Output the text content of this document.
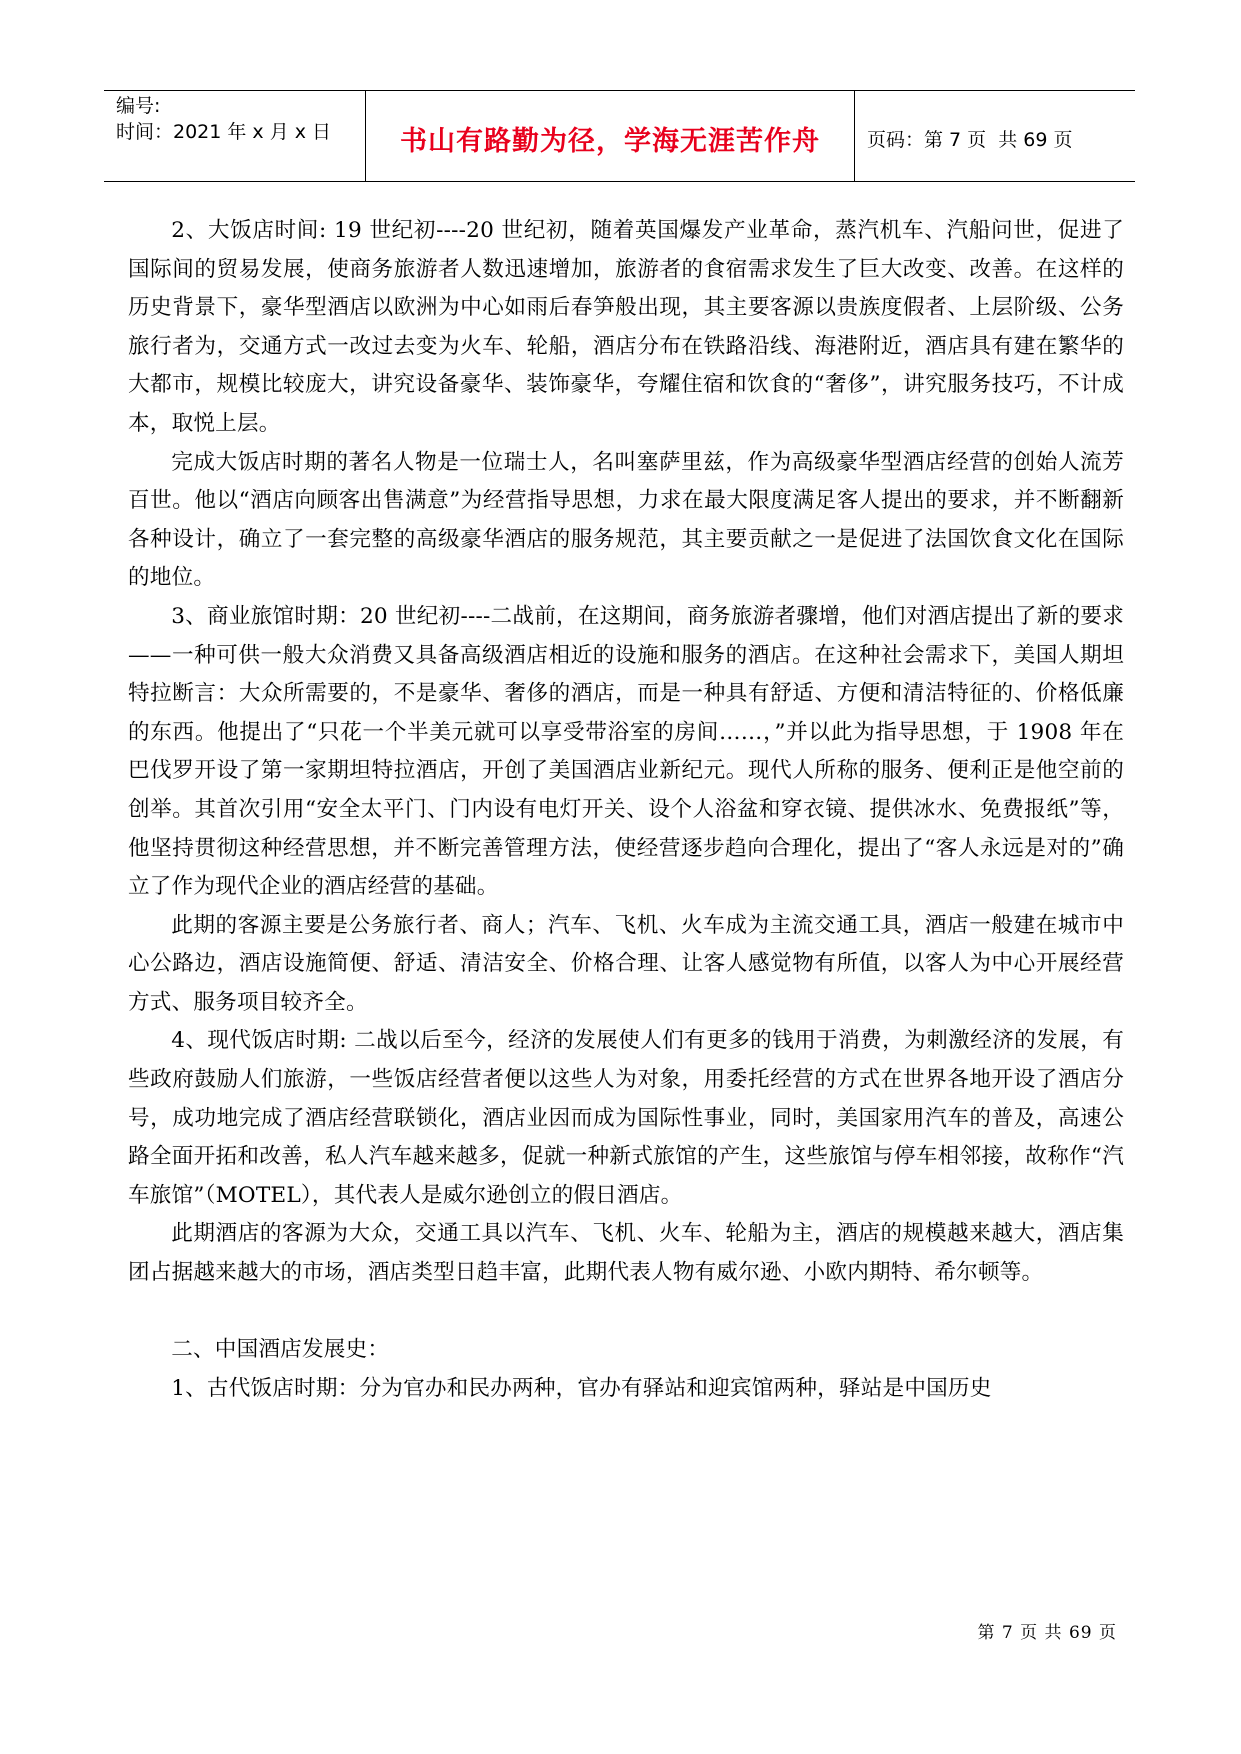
编号:
时间：2021 年 x 月 x 日	书山有路勤为径，学海无涯苦作舟 页码：第 7 页  共 69 页

2、大饭店时间: 19 世纪初----20 世纪初，随着英国爆发产业革命，蒸汽机车、汽船问世，促进了国际间的贸易发展，使商务旅游者人数迅速增加，旅游者的食宿需求发生了巨大改变、改善。在这样的历史背景下，豪华型酒店以欧洲为中心如雨后春笋般出现，其主要客源以贵族度假者、上层阶级、公务旅行者为，交通方式一改过去变为火车、轮船，酒店分布在铁路沿线、海港附近，酒店具有建在繁华的大都市，规模比较庞大，讲究设备豪华、装饰豪华，夸耀住宿和饮食的“奢侈”，讲究服务技巧，不计成本，取悦上层。

完成大饭店时期的著名人物是一位瑞士人，名叫塞萨里兹，作为高级豪华型酒店经营的创始人流芳百世。他以“酒店向顾客出售满意”为经营指导思想，力求在最大限度满足客人提出的要求，并不断翻新各种设计，确立了一套完整的高级豪华酒店的服务规范，其主要贡献之一是促进了法国饮食文化在国际的地位。

3、商业旅馆时期：20 世纪初----二战前，在这期间，商务旅游者骤增，他们对酒店提出了新的要求——一种可供一般大众消费又具备高级酒店相近的设施和服务的酒店。在这种社会需求下，美国人期坦特拉断言：大众所需要的，不是豪华、奢侈的酒店，而是一种具有舒适、方便和清洁特征的、价格低廉的东西。他提出了“只花一个半美元就可以享受带浴室的房间……，”并以此为指导思想，于 1908 年在巴伐罗开设了第一家期坦特拉酒店，开创了美国酒店业新纪元。现代人所称的服务、便利正是他空前的创举。其首次引用“安全太平门、门内设有电灯开关、设个人浴盆和穿衣镜、提供冰水、免费报纸”等，他坚持贯彻这种经营思想，并不断完善管理方法，使经营逐步趋向合理化，提出了“客人永远是对的”确立了作为现代企业的酒店经营的基础。

此期的客源主要是公务旅行者、商人；汽车、飞机、火车成为主流交通工具，酒店一般建在城市中心公路边，酒店设施简便、舒适、清洁安全、价格合理、让客人感觉物有所值，以客人为中心开展经营方式、服务项目较齐全。

4、现代饭店时期: 二战以后至今，经济的发展使人们有更多的钱用于消费，为刺激经济的发展，有些政府鼓励人们旅游，一些饭店经营者便以这些人为对象，用委托经营的方式在世界各地开设了酒店分号，成功地完成了酒店经营联锁化，酒店业因而成为国际性事业，同时，美国家用汽车的普及，高速公路全面开拓和改善，私人汽车越来越多，促就一种新式旅馆的产生，这些旅馆与停车相邻接，故称作“汽车旅馆”（MOTEL），其代表人是威尔逊创立的假日酒店。

此期酒店的客源为大众，交通工具以汽车、飞机、火车、轮船为主，酒店的规模越来越大，酒店集团占据越来越大的市场，酒店类型日趋丰富，此期代表人物有威尔逊、小欧内期特、希尔顿等。

二、中国酒店发展史：

1、古代饭店时期：分为官办和民办两种，官办有驿站和迎宾馆两种，驿站是中国历史

第 7 页 共 69 页
